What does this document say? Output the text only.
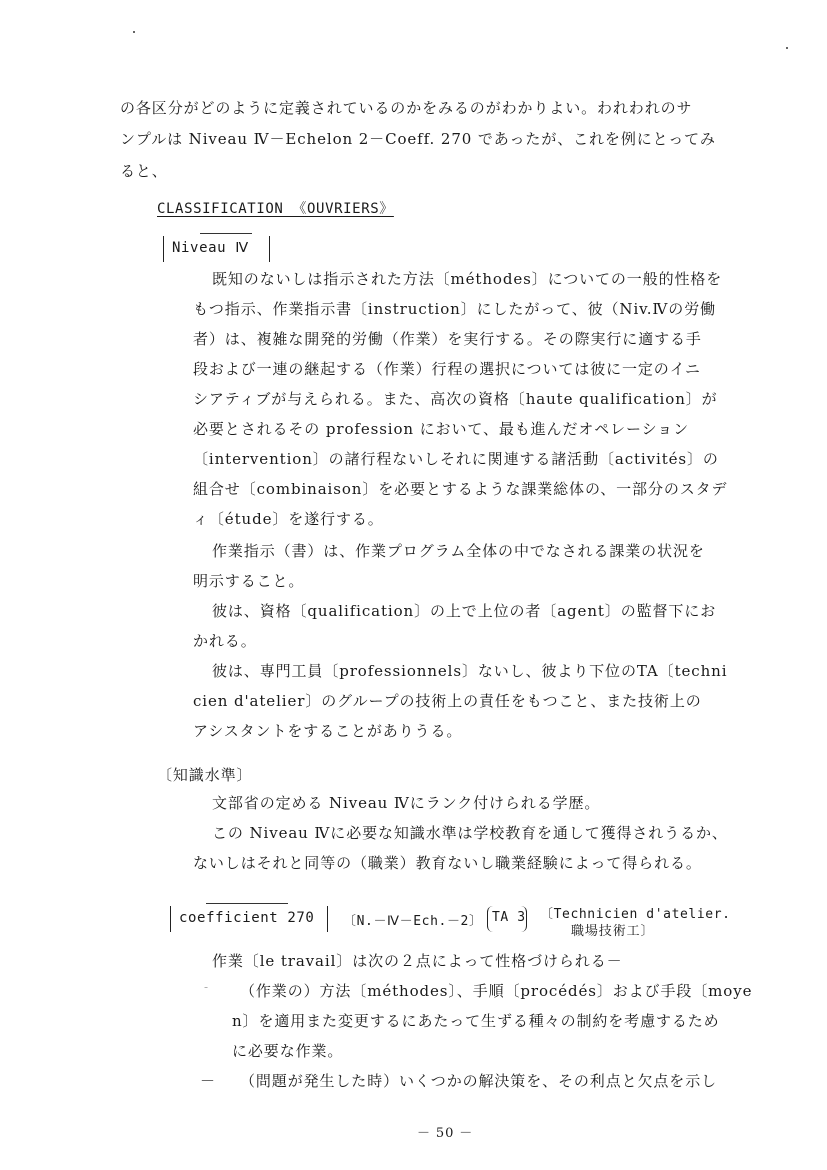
の各区分がどのように定義されているのかをみるのがわかりよい。われわれのサ
ンプルは Niveau Ⅳ－Echelon 2－Coeff. 270 であったが、これを例にとってみ
ると、
CLASSIFICATION 《OUVRIERS》
Niveau Ⅳ
既知のないしは指示された方法〔méthodes〕についての一般的性格を
もつ指示、作業指示書〔instruction〕にしたがって、彼（Niv.Ⅳの労働
者）は、複雑な開発的労働（作業）を実行する。その際実行に適する手
段および一連の継起する（作業）行程の選択については彼に一定のイニ
シアティブが与えられる。また、高次の資格〔haute qualification〕が
必要とされるその profession において、最も進んだオペレーション
〔intervention〕の諸行程ないしそれに関連する諸活動〔activités〕の
組合せ〔combinaison〕を必要とするような課業総体の、一部分のスタデ
ィ〔étude〕を遂行する。
作業指示（書）は、作業プログラム全体の中でなされる課業の状況を
明示すること。
彼は、資格〔qualification〕の上で上位の者〔agent〕の監督下にお
かれる。
彼は、専門工員〔professionnels〕ないし、彼より下位のTA〔techni
cien d'atelier〕のグループの技術上の責任をもつこと、また技術上の
アシスタントをすることがありうる。
〔知識水準〕
文部省の定める Niveau Ⅳにランク付けられる学歴。
この Niveau Ⅳに必要な知識水準は学校教育を通して獲得されうるか、
ないしはそれと同等の（職業）教育ないし職業経験によって得られる。
coefficient 270 〔N.－Ⅳ－Ech.－2〕 TA 3 〔Technicien d'atelier.
職場技術工〕
作業〔le travail〕は次の２点によって性格づけられる－
- （作業の）方法〔méthodes〕、手順〔procédés〕および手段〔moye
n〕を適用また変更するにあたって生ずる種々の制約を考慮するため
に必要な作業。
－ （問題が発生した時）いくつかの解決策を、その利点と欠点を示し
－ 50 －
